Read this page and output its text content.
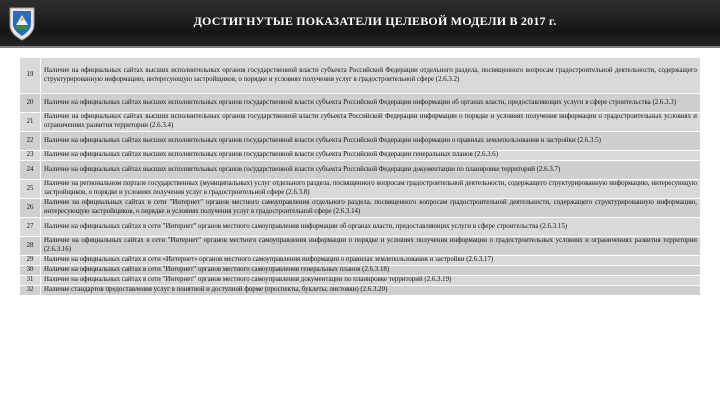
ДОСТИГНУТЫЕ ПОКАЗАТЕЛИ ЦЕЛЕВОЙ МОДЕЛИ В 2017 г.
19	Наличие на официальных сайтах высших исполнительных органов государственной власти субъекта Российской Федерации отдельного раздела, посвященного вопросам градостроительной деятельности, содержащего структурированную информацию, интересующую застройщиков, о порядке и условиях получения услуг в градостроительной сфере (2.6.3.2)
20	Наличие на официальных сайтах высших исполнительных органов государственной власти субъекта Российской Федерации информации об органах власти, предоставляющих услуги в сфере строительства (2.6.3.3)
21	Наличие на официальных сайтах высших исполнительных органов государственной власти субъекта Российской Федерации информации о порядке и условиях получения информации о градостроительных условиях и ограничениях развития территории (2.6.3.4)
22	Наличие на официальных сайтах высших исполнительных органов государственной власти субъекта Российской Федерации информации о правилах землепользования и застройки (2.6.3.5)
23	Наличие на официальных сайтах высших исполнительных органов государственной власти субъекта Российской Федерации генеральных планов (2.6.3.6)
24	Наличие на официальных сайтах высших исполнительных органов государственной власти субъекта Российской Федерации документации по планировке территорий (2.6.3.7)
25	Наличие на региональном портале государственных (муниципальных) услуг отдельного раздела, посвященного вопросам градостроительной деятельности, содержащего структурированную информацию, интересующую застройщиков, о порядке и условиях получения услуг в градостроительной сфере (2.6.3.8)
26	Наличие на официальных сайтах в сети "Интернет" органов местного самоуправления отдельного раздела, посвященного вопросам градостроительной деятельности, содержащего структурированную информацию, интересующую застройщиков, о порядке и условиях получения услуг в градостроительной сфере (2.6.3.14)
27	Наличие на официальных сайтах в сети "Интернет" органов местного самоуправления информации об органах власти, предоставляющих услуги в сфере строительства (2.6.3.15)
28	Наличие на официальных сайтах в сети "Интернет" органов местного самоуправления информации о порядке и условиях получения информации о градостроительных условиях и ограничениях развития территории (2.6.3.16)
29	Наличие на официальных сайтах в сети «Интернет» органов местного самоуправления информации о правилах землепользования и застройки (2.6.3.17)
30	Наличие на официальных сайтах в сети "Интернет" органов местного самоуправления генеральных планов (2.6.3.18)
31	Наличие на официальных сайтах в сети "Интернет" органов местного самоуправления документации по планировке территорий (2.6.3.19)
32	Наличие стандартов предоставления услуг в понятной и доступной форме (проспекты, буклеты, листовки) (2.6.3.20)
